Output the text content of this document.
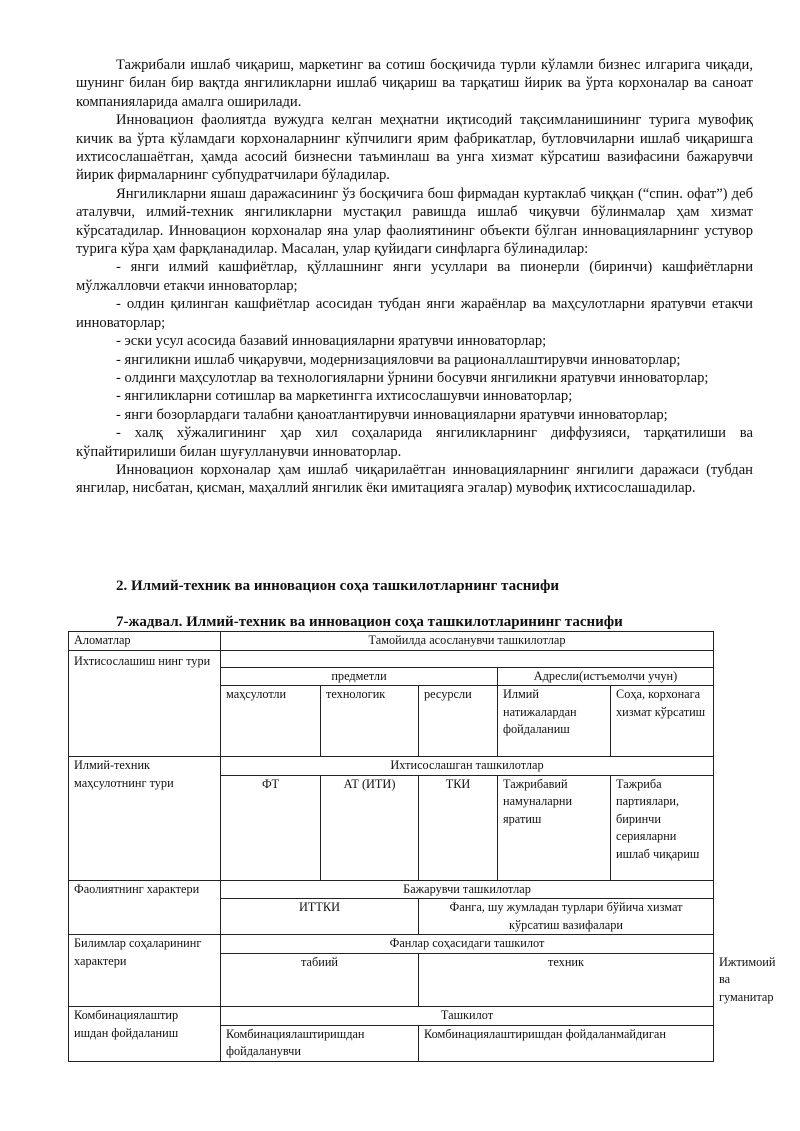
Тажрибали ишлаб чиқариш, маркетинг ва сотиш босқичида турли кўламли бизнес илгарига чиқади, шунинг билан бир вақтда янгиликларни ишлаб чиқариш ва тарқатиш йирик ва ўрта корхоналар ва саноат компанияларида амалга оширилади.

Инновацион фаолиятда вужудга келган меҳнатни иқтисодий тақсимланишининг турига мувофиқ кичик ва ўрта кўламдаги корхоналарнинг кўпчилиги ярим фабрикатлар, бутловчиларни ишлаб чиқаришга ихтисослашаётган, ҳамда асосий бизнесни таъминлаш ва унга хизмат кўрсатиш вазифасини бажарувчи йирик фирмаларнинг субпудратчилари бўладилар.

Янгиликларни яшаш даражасининг ўз босқичига бош фирмадан куртаклаб чиққан (“спин. офат”) деб аталувчи, илмий-техник янгиликларни мустақил равишда ишлаб чиқувчи бўлинмалар ҳам хизмат кўрсатадилар. Инновацион корхоналар яна улар фаолиятининг объекти бўлган инновацияларнинг устувор турига кўра ҳам фарқланадилар. Масалан, улар қуйидаги синфларга бўлинадилар:

- янги илмий кашфиётлар, қўллашнинг янги усуллари ва пионерли (биринчи) кашфиётларни мўлжалловчи етакчи инноваторлар;

- олдин қилинган кашфиётлар асосидан тубдан янги жараёнлар ва маҳсулотларни яратувчи етакчи инноваторлар;

- эски усул асосида базавий инновацияларни яратувчи инноваторлар;

- янгиликни ишлаб чиқарувчи, модернизацияловчи ва рационаллаштирувчи инноваторлар;

- олдинги маҳсулотлар ва технологияларни ўрнини босувчи янгиликни яратувчи инноваторлар;

- янгиликларни сотишлар ва маркетингга ихтисослашувчи инноваторлар;

- янги бозорлардаги талабни қаноатлантирувчи инновацияларни яратувчи инноваторлар;

- халқ хўжалигининг ҳар хил соҳаларида янгиликларнинг диффузияси, тарқатилиши ва кўпайтирилиши билан шуғулланувчи инноваторлар.

Инновацион корхоналар ҳам ишлаб чиқарилаётган инновацияларнинг янгилиги даражаси (тубдан янгилар, нисбатан, қисман, маҳаллий янгилик ёки имитацияга эгалар) мувофиқ ихтисослашадилар.

2. Илмий-техник ва инновацион соҳа ташкилотларнинг таснифи
7-жадвал. Илмий-техник ва инновацион соҳа ташкилотларининг таснифи
Аломатлар	Тамойилда асосланувчи ташкилотлар					
Ихтисослашиш нинг тури						
	предметли			Адресли(истъемолчи учун)		
	маҳсулотли	технологик	ресурсли	Илмий натижалардан фойдаланиш	Соҳа, корхонага хизмат кўрсатиш	
Илмий-техник маҳсулотнинг тури	Ихтисослашган ташкилотлар					
	ФТ	АТ (ИТИ)	ТКИ	Тажрибавий намуналарни яратиш	Тажриба партиялари, биринчи серияларни ишлаб чиқариш	
Фаолиятнинг характери	Бажарувчи ташкилотлар					
	ИТТКИ		Фанга, шу жумладан турлари бўйича хизмат кўрсатиш вазифалари			
Билимлар соҳаларининг характери	Фанлар соҳасидаги ташкилот					
	табиий		техник			Ижтимоий ва гуманитар
Комбинациялаштир ишдан фойдаланиш	Ташкилот					
	Комбинациялаштиришдан фойдаланувчи		Комбинациялаштиришдан фойдаланмайдиган			
